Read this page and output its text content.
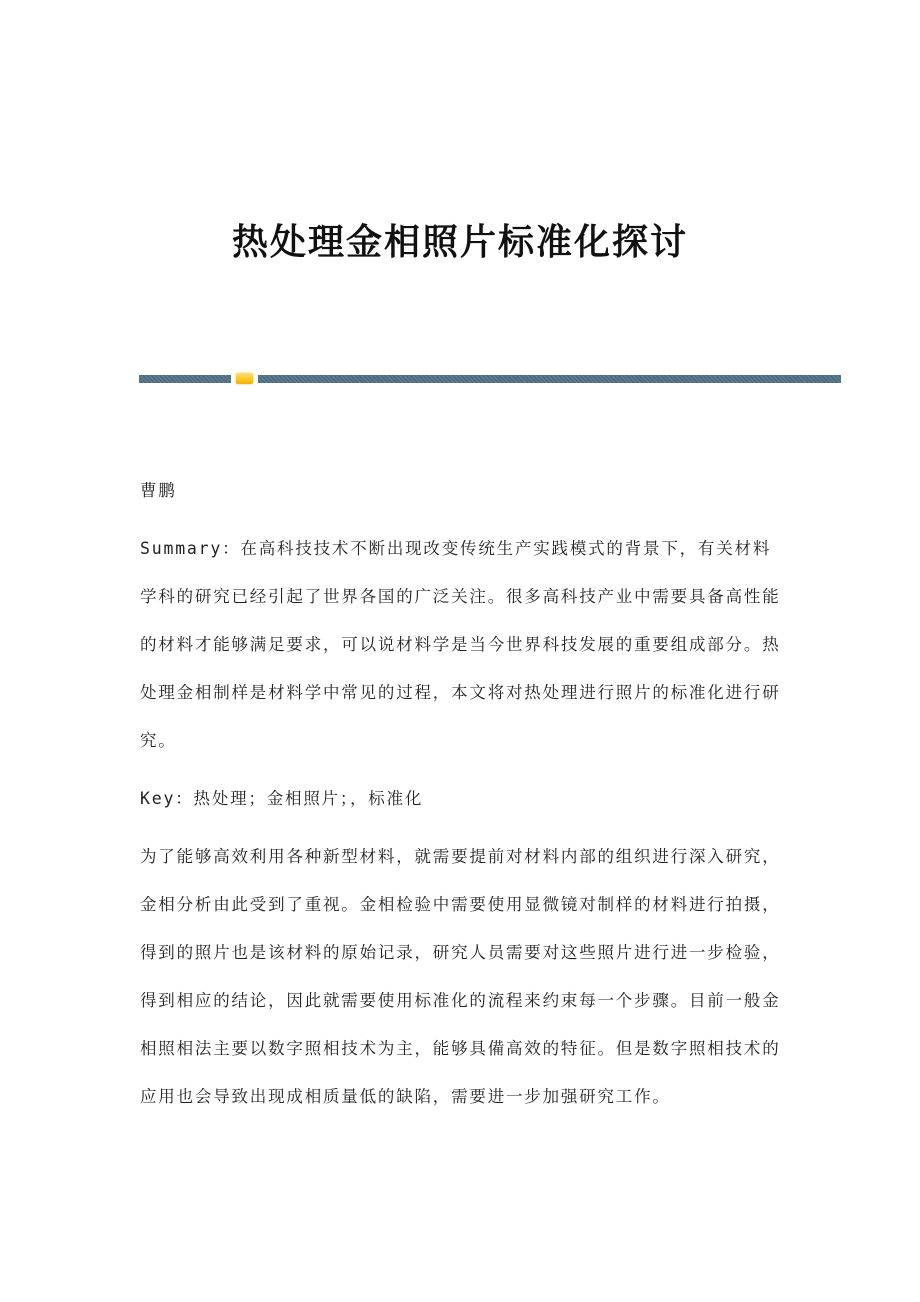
热处理金相照片标准化探讨

曹鹏

Summary：在高科技技术不断出现改变传统生产实践模式的背景下，有关材料学科的研究已经引起了世界各国的广泛关注。很多高科技产业中需要具备高性能的材料才能够满足要求，可以说材料学是当今世界科技发展的重要组成部分。热处理金相制样是材料学中常见的过程，本文将对热处理进行照片的标准化进行研究。

Key：热处理；金相照片；，标准化

为了能够高效利用各种新型材料，就需要提前对材料内部的组织进行深入研究，金相分析由此受到了重视。金相检验中需要使用显微镜对制样的材料进行拍摄，得到的照片也是该材料的原始记录，研究人员需要对这些照片进行进一步检验，得到相应的结论，因此就需要使用标准化的流程来约束每一个步骤。目前一般金相照相法主要以数字照相技术为主，能够具備高效的特征。但是数字照相技术的应用也会导致出现成相质量低的缺陷，需要进一步加强研究工作。
